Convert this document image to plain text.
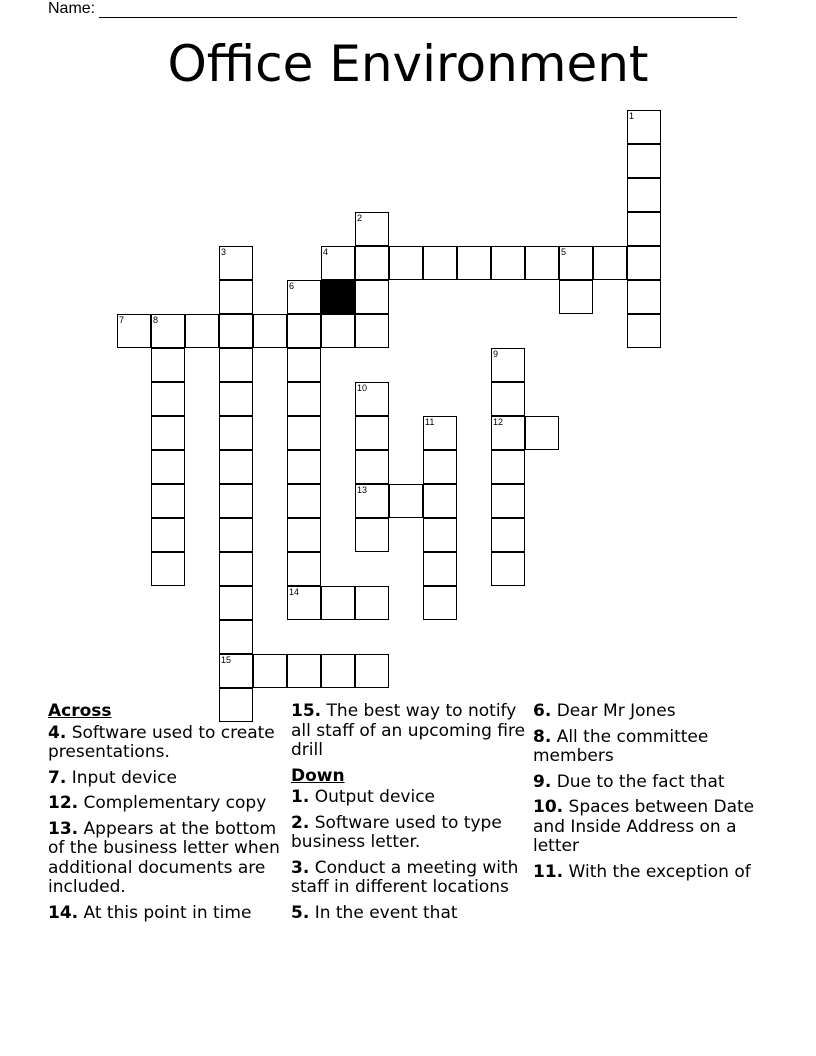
Name:
Office Environment
1
2
3
15
4	5
6
14
7	8
9
12
10
13
11
Across
4. Software used to create presentations.
7. Input device
12. Complementary copy
13. Appears at the bottom of the business letter when additional documents are included.
14. At this point in time
15. The best way to notify all staff of an upcoming fire drill
Down
1. Output device
2. Software used to type business letter.
3. Conduct a meeting with staff in different locations
5. In the event that
6. Dear Mr Jones
8. All the committee members
9. Due to the fact that
10. Spaces between Date and Inside Address on a letter
11. With the exception of
